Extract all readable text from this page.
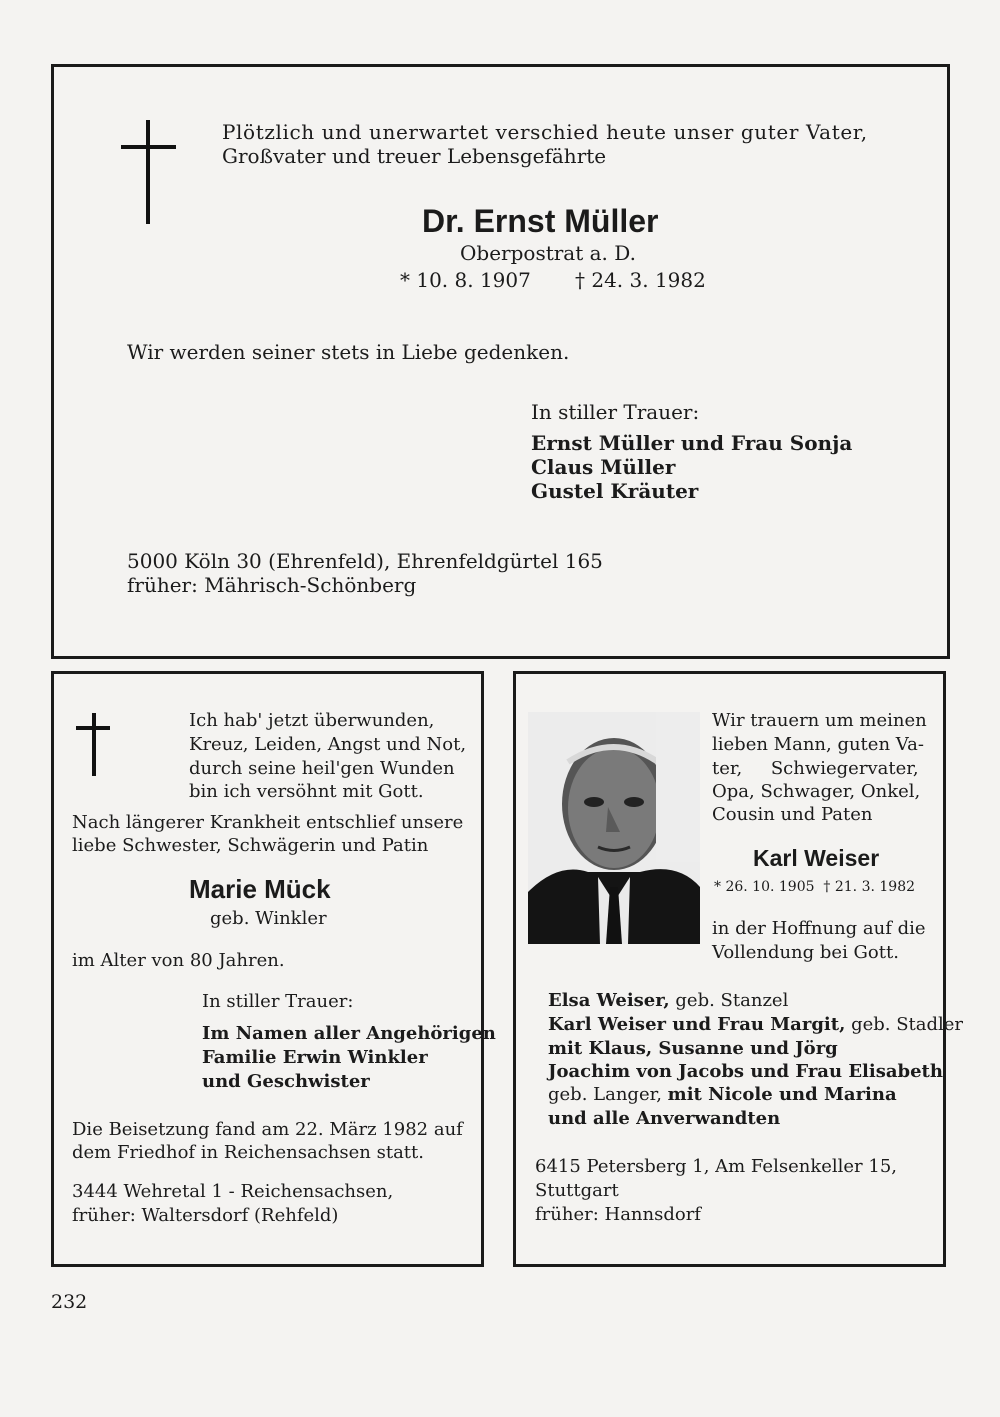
Plötzlich und unerwartet verschied heute unser guter Vater,
Großvater und treuer Lebensgefährte
Dr. Ernst Müller
Oberpostrat a. D.
* 10. 8. 1907 † 24. 3. 1982
Wir werden seiner stets in Liebe gedenken.
In stiller Trauer:
Ernst Müller und Frau Sonja
Claus Müller
Gustel Kräuter
5000 Köln 30 (Ehrenfeld), Ehrenfeldgürtel 165
früher: Mährisch-Schönberg
Ich hab' jetzt überwunden,
Kreuz, Leiden, Angst und Not,
durch seine heil'gen Wunden
bin ich versöhnt mit Gott.
Nach längerer Krankheit entschlief unsere
liebe Schwester, Schwägerin und Patin
Marie Mück
geb. Winkler
im Alter von 80 Jahren.
In stiller Trauer:
Im Namen aller Angehörigen
Familie Erwin Winkler
und Geschwister
Die Beisetzung fand am 22. März 1982 auf
dem Friedhof in Reichensachsen statt.
3444 Wehretal 1 - Reichensachsen,
früher: Waltersdorf (Rehfeld)
Wir trauern um meinen
lieben Mann, guten Va-
ter,     Schwiegervater,
Opa, Schwager, Onkel,
Cousin und Paten
Karl Weiser
* 26. 10. 1905  † 21. 3. 1982
in der Hoffnung auf die
Vollendung bei Gott.
Elsa Weiser, geb. Stanzel
Karl Weiser und Frau Margit, geb. Stadler
mit Klaus, Susanne und Jörg
Joachim von Jacobs und Frau Elisabeth
geb. Langer, mit Nicole und Marina
und alle Anverwandten
6415 Petersberg 1, Am Felsenkeller 15,
Stuttgart
früher: Hannsdorf
232
